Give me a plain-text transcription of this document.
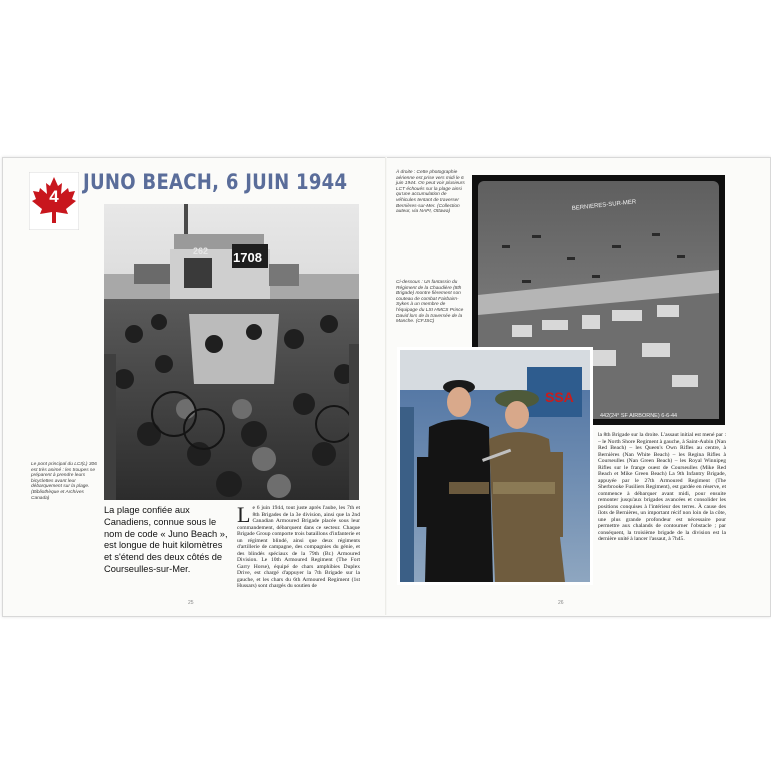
4
JUNO BEACH, 6 JUIN 1944
262 1708
Le pont principal du LCI(L) 306 est très animé : les troupes se préparent à prendre leurs bicyclettes avant leur débarquement sur la plage. (Bibliothèque et Archives Canada)
La plage confiée aux Canadiens, connue sous le nom de code « Juno Beach », est longue de huit kilomètres et s'étend des deux côtés de Courseulles-sur-Mer.
Le 6 juin 1944, tout juste après l'aube, les 7th et 8th Brigades de la 3e division, ainsi que la 2nd Canadian Armoured Brigade placée sous leur commandement, débarquent dans ce secteur. Chaque Brigade Group comporte trois bataillons d'infanterie et un régiment blindé, ainsi que deux régiments d'artillerie de campagne, des compagnies du génie, et des blindés spéciaux de la 79th (Br.) Armoured Division. Le 10th Armoured Regiment (The Fort Garry Horse), équipé de chars amphibies Duplex Drive, est chargé d'appuyer la 7th Brigade sur la gauche, et les chars du 6th Armoured Regiment (1st Hussars) sont chargés du soutien de
25
À droite : Cette photographie aérienne est prise vers midi le 6 juin 1944. On peut voir plusieurs LCT échoués sur la plage ainsi qu'une accumulation de véhicules tentant de traverser Bernières-sur-Mer. (Collection auteur, via NAPI, Ottawa)
Ci-dessous : Un fantassin du Régiment de la Chaudière (8th Brigade) montre fièrement son couteau de combat Fairbairn-Sykes à un membre de l'équipage du LSI HMCS Prince David lors de la traversée de la Manche. (CFJSC)
BERNIERES-SUR-MER
442(24° SF AIRBORNE) 6-6-44
SSA
la 8th Brigade sur la droite. L'assaut initial est mené par : – le North Shore Regiment à gauche, à Saint-Aubin (Nan Red Beach) – les Queen's Own Rifles au centre, à Bernières (Nan White Beach) – les Regina Rifles à Courseulles (Nan Green Beach) – les Royal Winnipeg Rifles sur le frange ouest de Courseulles (Mike Red Beach et Mike Green Beach) La 9th Infantry Brigade, appuyée par le 27th Armoured Regiment (The Sherbrooke Fusiliers Regiment), est gardée en réserve, et commence à débarquer avant midi, pour ensuite remonter jusqu'aux brigades avancées et consolider les positions conquises à l'intérieur des terres. À cause des îlots de Bernières, un important récif non loin de la côte, une plus grande profondeur est nécessaire pour permettre aux chalands de contourner l'obstacle ; par conséquent, la troisième brigade de la division est la dernière unité à lancer l'assaut, à 7h45.
26
